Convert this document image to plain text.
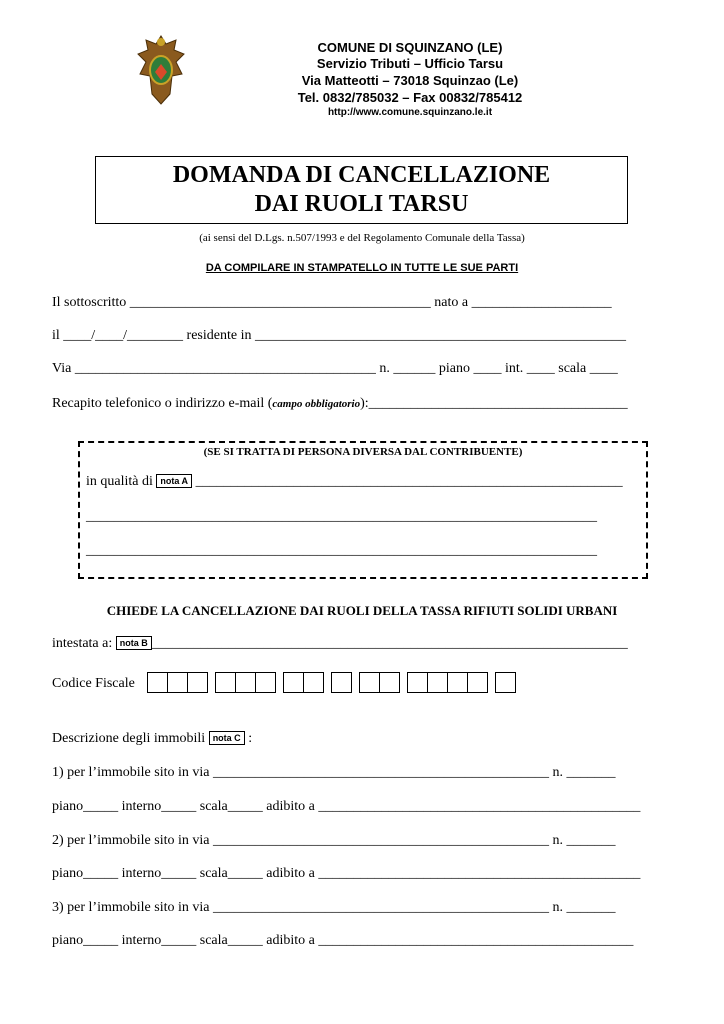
COMUNE DI SQUINZANO (LE)
Servizio Tributi – Ufficio Tarsu
Via Matteotti – 73018 Squinzao (Le)
Tel. 0832/785032 – Fax 00832/785412
http://www.comune.squinzano.le.it
DOMANDA DI CANCELLAZIONE
DAI RUOLI TARSU
(ai sensi del D.Lgs. n.507/1993 e del Regolamento Comunale della Tassa)
DA COMPILARE IN STAMPATELLO IN TUTTE LE SUE PARTI
Il sottoscritto ___________________________________________ nato a ____________________
il ____/____/________ residente in _____________________________________________________
Via ___________________________________________ n. ______ piano ____ int. ____ scala ____
Recapito telefonico o indirizzo e-mail (campo obbligatorio):_____________________________________
(SE SI TRATTA DI PERSONA DIVERSA DAL CONTRIBUENTE)
in qualità di nota A _____________________________________________________________
_________________________________________________________________________
_________________________________________________________________________
CHIEDE LA CANCELLAZIONE DAI RUOLI DELLA TASSA RIFIUTI SOLIDI URBANI
intestata a: nota B ____________________________________________________________________
Codice Fiscale
Descrizione degli immobili nota C :
1) per l’immobile sito in via ________________________________________________ n. _______
piano_____ interno_____ scala_____ adibito a ______________________________________________
2) per l’immobile sito in via ________________________________________________ n. _______
piano_____ interno_____ scala_____ adibito a ______________________________________________
3) per l’immobile sito in via ________________________________________________ n. _______
piano_____ interno_____ scala_____ adibito a _____________________________________________
